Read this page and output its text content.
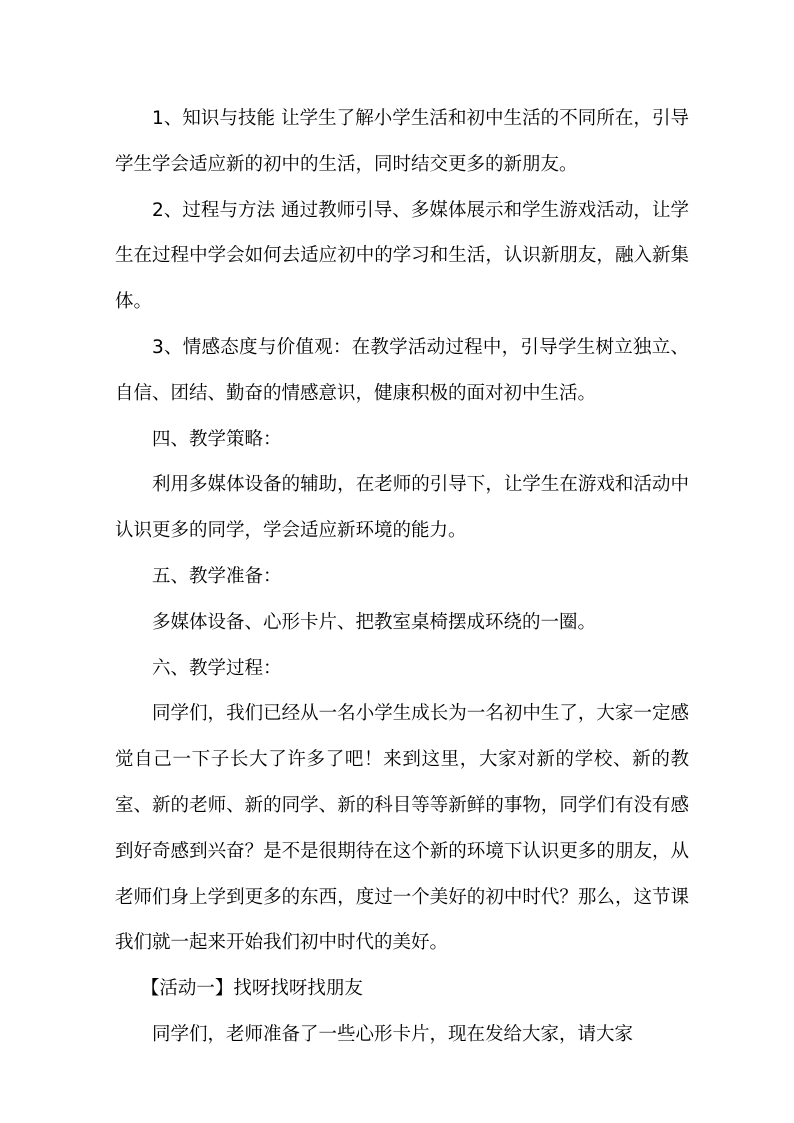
1、知识与技能 让学生了解小学生活和初中生活的不同所在，引导学生学会适应新的初中的生活，同时结交更多的新朋友。

2、过程与方法 通过教师引导、多媒体展示和学生游戏活动，让学生在过程中学会如何去适应初中的学习和生活，认识新朋友，融入新集体。

3、情感态度与价值观：在教学活动过程中，引导学生树立独立、自信、团结、勤奋的情感意识，健康积极的面对初中生活。

四、教学策略：

利用多媒体设备的辅助，在老师的引导下，让学生在游戏和活动中认识更多的同学，学会适应新环境的能力。

五、教学准备：

多媒体设备、心形卡片、把教室桌椅摆成环绕的一圈。

六、教学过程：

同学们，我们已经从一名小学生成长为一名初中生了，大家一定感觉自己一下子长大了许多了吧！来到这里，大家对新的学校、新的教室、新的老师、新的同学、新的科目等等新鲜的事物，同学们有没有感到好奇感到兴奋？是不是很期待在这个新的环境下认识更多的朋友，从老师们身上学到更多的东西，度过一个美好的初中时代？那么，这节课我们就一起来开始我们初中时代的美好。

【活动一】找呀找呀找朋友

同学们，老师准备了一些心形卡片，现在发给大家，请大家
